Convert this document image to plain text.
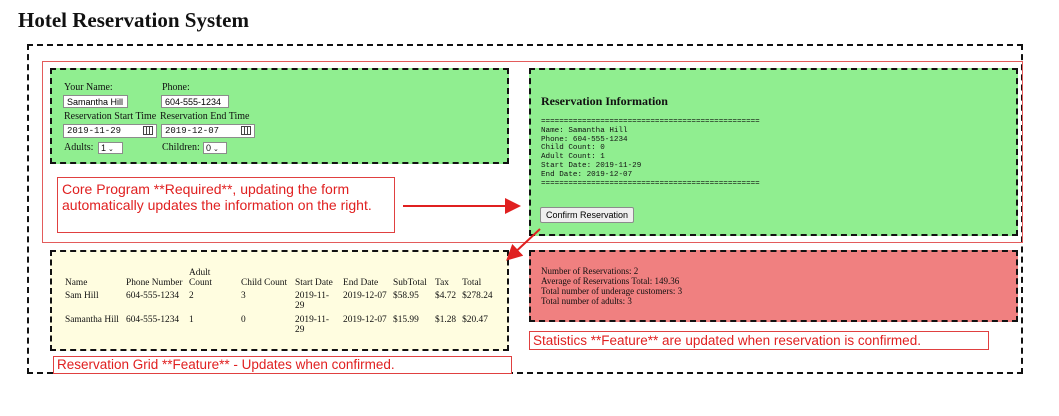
Hotel Reservation System
Your Name:	Phone:
Samantha Hill
604-555-1234
Reservation Start Time Reservation End Time
2019-11-29	2019-12-07
Adults: 1 ⌄	Children: 0 ⌄
Reservation Information
================================================
Name: Samantha Hill
Phone: 604-555-1234
Child Count: 0
Adult Count: 1
Start Date: 2019-11-29
End Date: 2019-12-07
================================================
Confirm Reservation
Core Program **Required**, updating the form automatically updates the information on the right.
Name	Phone Number	Adult Count	Child Count	Start Date	End Date	SubTotal	Tax	Total
Sam Hill	604-555-1234	2	3	2019-11-29	2019-12-07	$58.95	$4.72	$278.24
Samantha Hill	604-555-1234	1	0	2019-11-29	2019-12-07	$15.99	$1.28	$20.47
Reservation Grid **Feature** - Updates when confirmed.
Number of Reservations: 2
Average of Reservations Total: 149.36
Total number of underage customers: 3
Total number of adults: 3
Statistics **Feature** are updated when reservation is confirmed.
